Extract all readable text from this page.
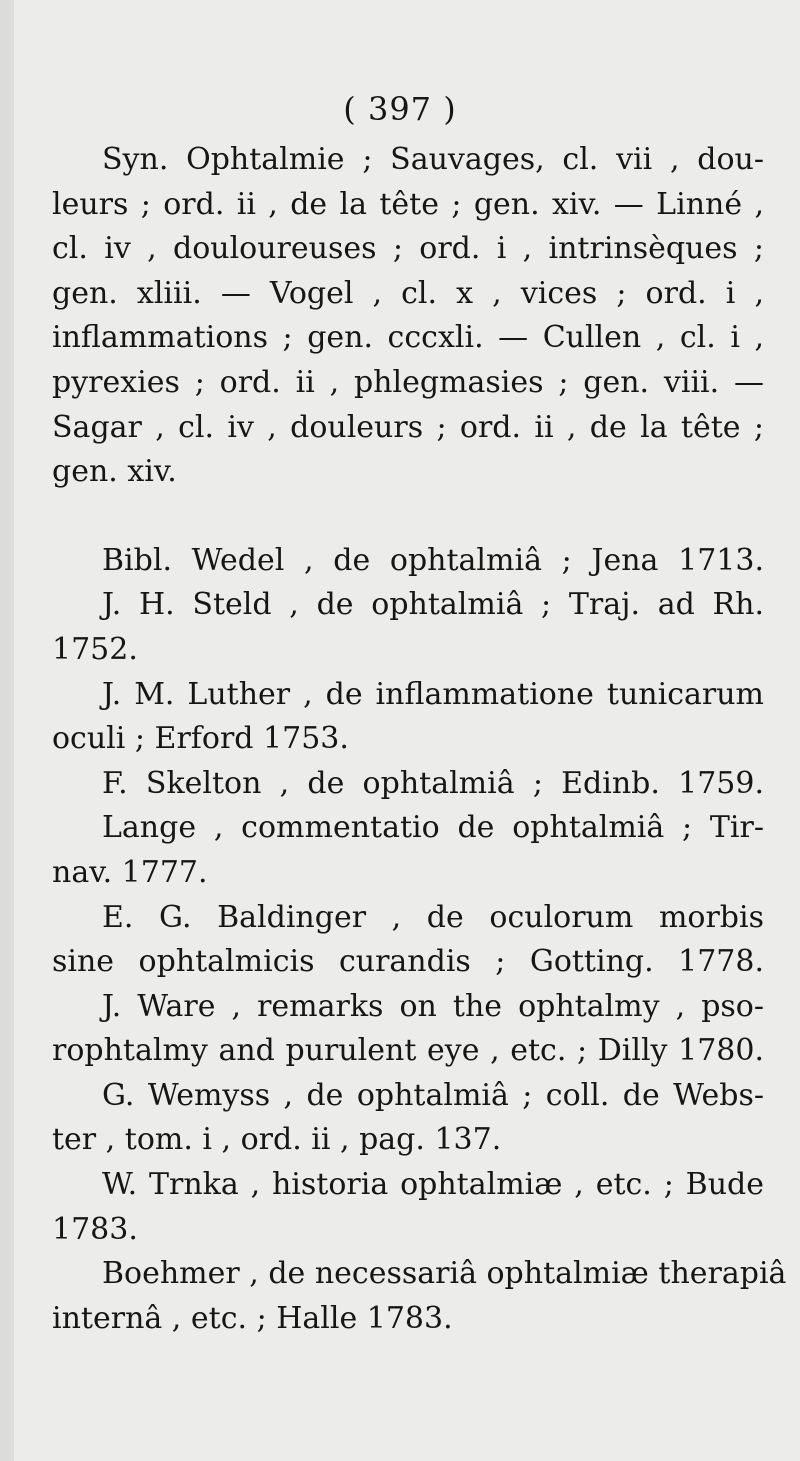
( 397 )
Syn. Ophtalmie ; Sauvages, cl. vii , dou-
leurs ; ord. ii , de la tête ; gen. xiv. — Linné ,
cl. iv , douloureuses ; ord. i , intrinsèques ;
gen. xliii. — Vogel , cl. x , vices ; ord. i ,
inflammations ; gen. cccxli. — Cullen , cl. i ,
pyrexies ; ord. ii , phlegmasies ; gen. viii. —
Sagar , cl. iv , douleurs ; ord. ii , de la tête ;
gen. xiv.
Bibl. Wedel , de ophtalmiâ ; Jena 1713.
J. H. Steld , de ophtalmiâ ; Traj. ad Rh.
1752.
J. M. Luther , de inflammatione tunicarum
oculi ; Erford 1753.
F. Skelton , de ophtalmiâ ; Edinb. 1759.
Lange , commentatio de ophtalmiâ ; Tir-
nav. 1777.
E. G. Baldinger , de oculorum morbis
sine ophtalmicis curandis ; Gotting. 1778.
J. Ware , remarks on the ophtalmy , pso-
rophtalmy and purulent eye , etc. ; Dilly 1780.
G. Wemyss , de ophtalmiâ ; coll. de Webs-
ter , tom. i , ord. ii , pag. 137.
W. Trnka , historia ophtalmiæ , etc. ; Bude
1783.
Boehmer , de necessariâ ophtalmiæ therapiâ
internâ , etc. ; Halle 1783.
